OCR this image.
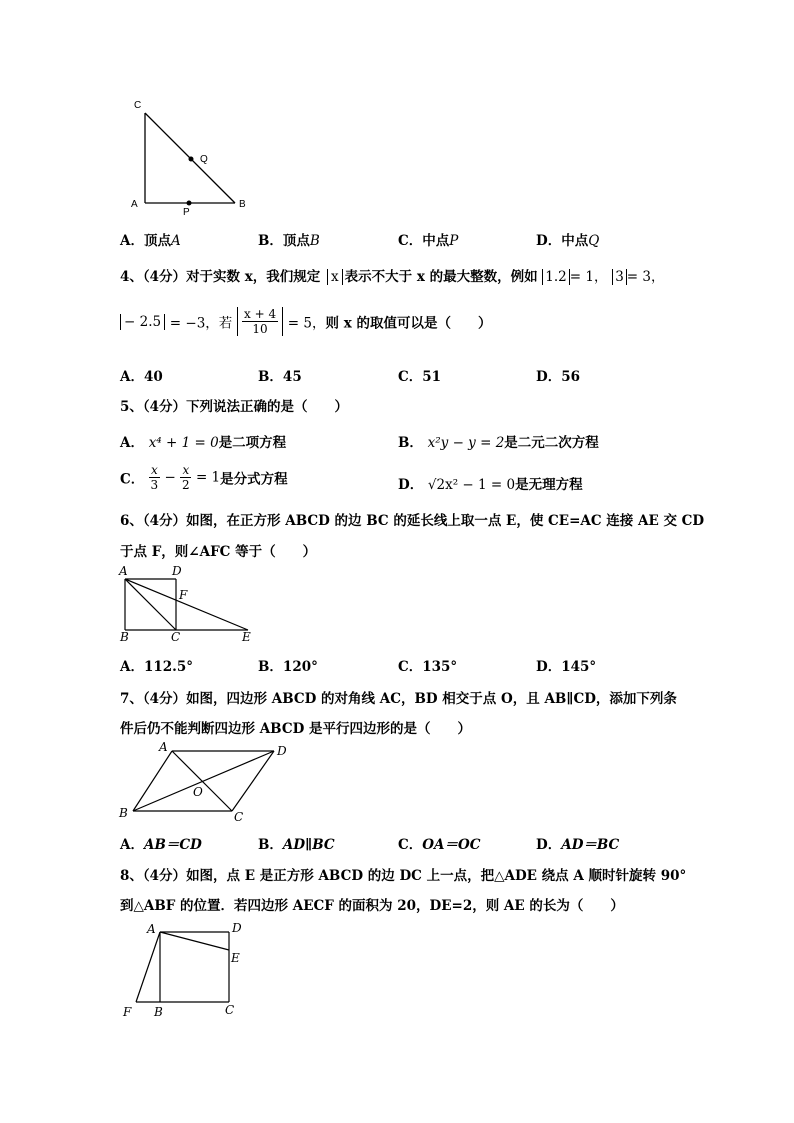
C
Q
A
P
B
A．顶点A	B．顶点B	C．中点P	D．中点Q
4、（4分）对于实数 x，我们规定 x 表示不大于 x 的最大整数，例如 1.2 = 1， 3 = 3，
− 2.5 = −3，若 $\frac{x + 4}{10} = 5$，则 x 的取值可以是（　　）
A．40	B．45	C．51	D．56
5、（4分）下列说法正确的是（　　）
A． x⁴ + 1 = 0是二项方程	B． x²y − y = 2是二元二次方程
C． $\frac{x}{3} - \frac{x}{2} = 1$是分式方程	D． √2x² − 1 = 0是无理方程
6、（4分）如图，在正方形 ABCD 的边 BC 的延长线上取一点 E，使 CE=AC 连接 AE 交 CD
于点 F，则∠AFC 等于（　　）
A	D
F
B	C	E
A．112.5°	B．120°	C．135°	D．145°
7、（4分）如图，四边形 ABCD 的对角线 AC，BD 相交于点 O，且 AB∥CD，添加下列条
件后仍不能判断四边形 ABCD 是平行四边形的是（　　）
A	D
O
B	C
A．AB＝CD	B．AD∥BC	C．OA＝OC	D．AD＝BC
8、（4分）如图，点 E 是正方形 ABCD 的边 DC 上一点，把△ADE 绕点 A 顺时针旋转 90°
到△ABF 的位置．若四边形 AECF 的面积为 20，DE=2，则 AE 的长为（　　）
A	D
E
F B	C
